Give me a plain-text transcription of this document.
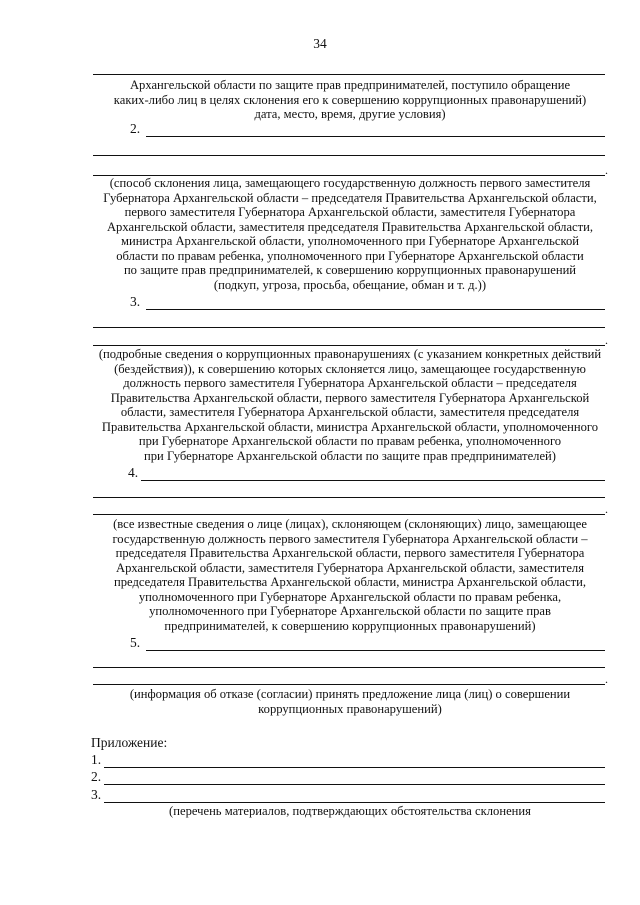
34
Архангельской области по защите прав предпринимателей, поступило обращение
каких-либо лиц в целях склонения его к совершению коррупционных правонарушений)
дата, место, время, другие условия)
2.
.
(способ склонения лица, замещающего государственную должность первого заместителя
Губернатора Архангельской области – председателя Правительства Архангельской области,
первого заместителя Губернатора Архангельской области, заместителя Губернатора
Архангельской области, заместителя председателя Правительства Архангельской области,
министра Архангельской области, уполномоченного при Губернаторе Архангельской
области по правам ребенка, уполномоченного при Губернаторе Архангельской области
по защите прав предпринимателей, к совершению коррупционных правонарушений
(подкуп, угроза, просьба, обещание, обман и т. д.))
3.
.
(подробные сведения о коррупционных правонарушениях (с указанием конкретных действий
(бездействия)), к совершению которых склоняется лицо, замещающее государственную
должность первого заместителя Губернатора Архангельской области – председателя
Правительства Архангельской области, первого заместителя Губернатора Архангельской
области, заместителя Губернатора Архангельской области, заместителя председателя
Правительства Архангельской области, министра Архангельской области, уполномоченного
при Губернаторе Архангельской области по правам ребенка, уполномоченного
при Губернаторе Архангельской области по защите прав предпринимателей)
4.
.
(все известные сведения о лице (лицах), склоняющем (склоняющих) лицо, замещающее
государственную должность первого заместителя Губернатора Архангельской области –
председателя Правительства Архангельской области, первого заместителя Губернатора
Архангельской области, заместителя Губернатора Архангельской области, заместителя
председателя Правительства Архангельской области, министра Архангельской области,
уполномоченного при Губернаторе Архангельской области по правам ребенка,
уполномоченного при Губернаторе Архангельской области по защите прав
предпринимателей, к совершению коррупционных правонарушений)
5.
.
(информация об отказе (согласии) принять предложение лица (лиц) о совершении
коррупционных правонарушений)
Приложение:
1.
2.
3.
(перечень материалов, подтверждающих обстоятельства склонения
